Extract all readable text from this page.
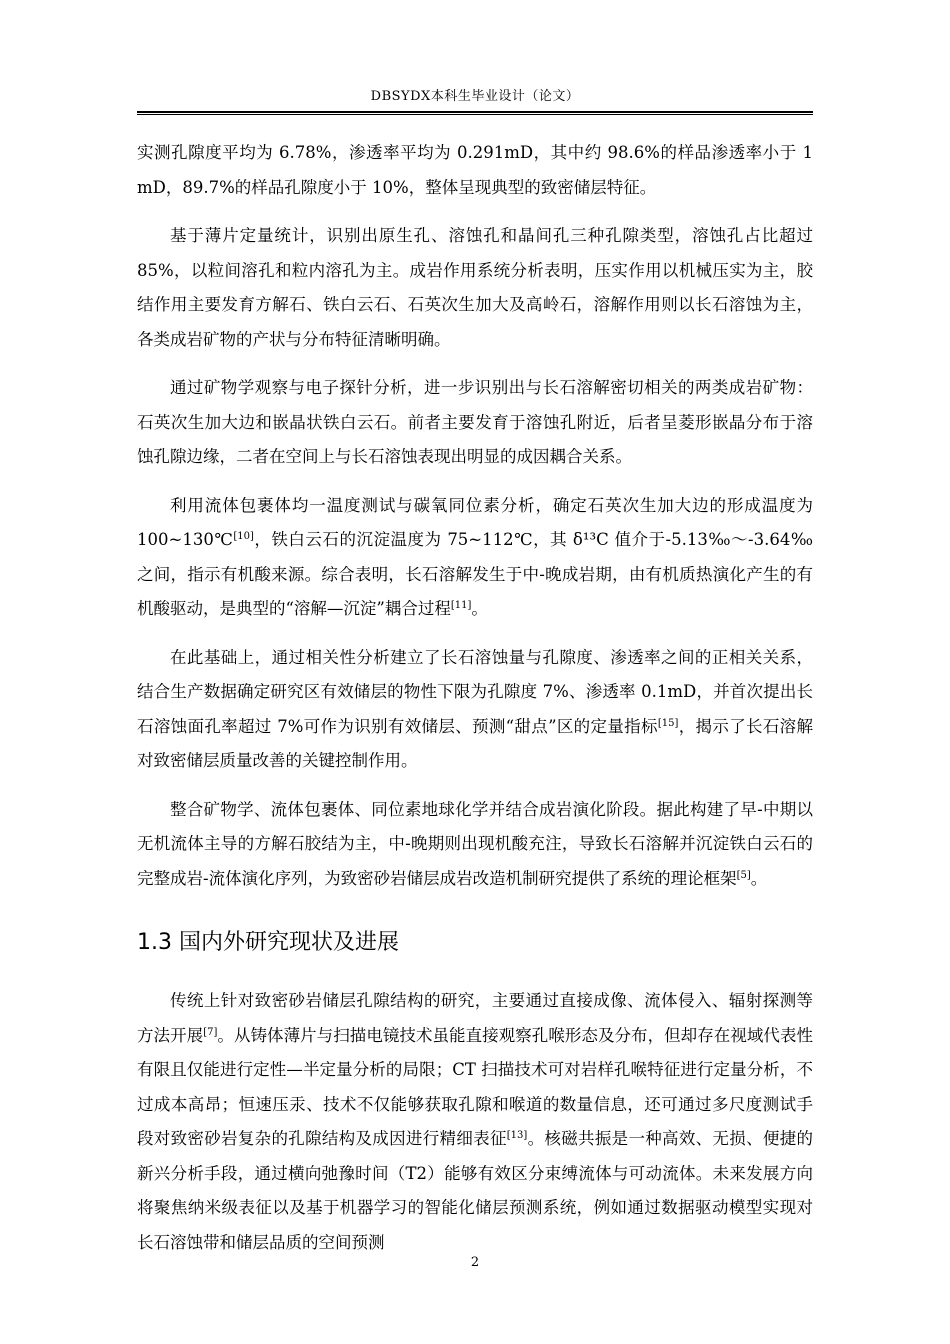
DBSYDX本科生毕业设计（论文）

实测孔隙度平均为 6.78%，渗透率平均为 0.291mD，其中约 98.6%的样品渗透率小于 1 mD，89.7%的样品孔隙度小于 10%，整体呈现典型的致密储层特征。

基于薄片定量统计，识别出原生孔、溶蚀孔和晶间孔三种孔隙类型，溶蚀孔占比超过 85%，以粒间溶孔和粒内溶孔为主。成岩作用系统分析表明，压实作用以机械压实为主，胶结作用主要发育方解石、铁白云石、石英次生加大及高岭石，溶解作用则以长石溶蚀为主，各类成岩矿物的产状与分布特征清晰明确。

通过矿物学观察与电子探针分析，进一步识别出与长石溶解密切相关的两类成岩矿物：石英次生加大边和嵌晶状铁白云石。前者主要发育于溶蚀孔附近，后者呈菱形嵌晶分布于溶蚀孔隙边缘，二者在空间上与长石溶蚀表现出明显的成因耦合关系。

利用流体包裹体均一温度测试与碳氧同位素分析，确定石英次生加大边的形成温度为 100~130℃[10]，铁白云石的沉淀温度为 75~112℃，其 δ¹³C 值介于-5.13‰～-3.64‰之间，指示有机酸来源。综合表明，长石溶解发生于中-晚成岩期，由有机质热演化产生的有机酸驱动，是典型的“溶解—沉淀”耦合过程[11]。

在此基础上，通过相关性分析建立了长石溶蚀量与孔隙度、渗透率之间的正相关关系，结合生产数据确定研究区有效储层的物性下限为孔隙度 7%、渗透率 0.1mD，并首次提出长石溶蚀面孔率超过 7%可作为识别有效储层、预测“甜点”区的定量指标[15]，揭示了长石溶解对致密储层质量改善的关键控制作用。

整合矿物学、流体包裹体、同位素地球化学并结合成岩演化阶段。据此构建了早-中期以无机流体主导的方解石胶结为主，中-晚期则出现机酸充注，导致长石溶解并沉淀铁白云石的完整成岩-流体演化序列，为致密砂岩储层成岩改造机制研究提供了系统的理论框架[5]。

1.3 国内外研究现状及进展

传统上针对致密砂岩储层孔隙结构的研究，主要通过直接成像、流体侵入、辐射探测等方法开展[7]。从铸体薄片与扫描电镜技术虽能直接观察孔喉形态及分布，但却存在视域代表性有限且仅能进行定性—半定量分析的局限；CT 扫描技术可对岩样孔喉特征进行定量分析，不过成本高昂；恒速压汞、技术不仅能够获取孔隙和喉道的数量信息，还可通过多尺度测试手段对致密砂岩复杂的孔隙结构及成因进行精细表征[13]。核磁共振是一种高效、无损、便捷的新兴分析手段，通过横向弛豫时间（T2）能够有效区分束缚流体与可动流体。未来发展方向将聚焦纳米级表征以及基于机器学习的智能化储层预测系统，例如通过数据驱动模型实现对长石溶蚀带和储层品质的空间预测

2
